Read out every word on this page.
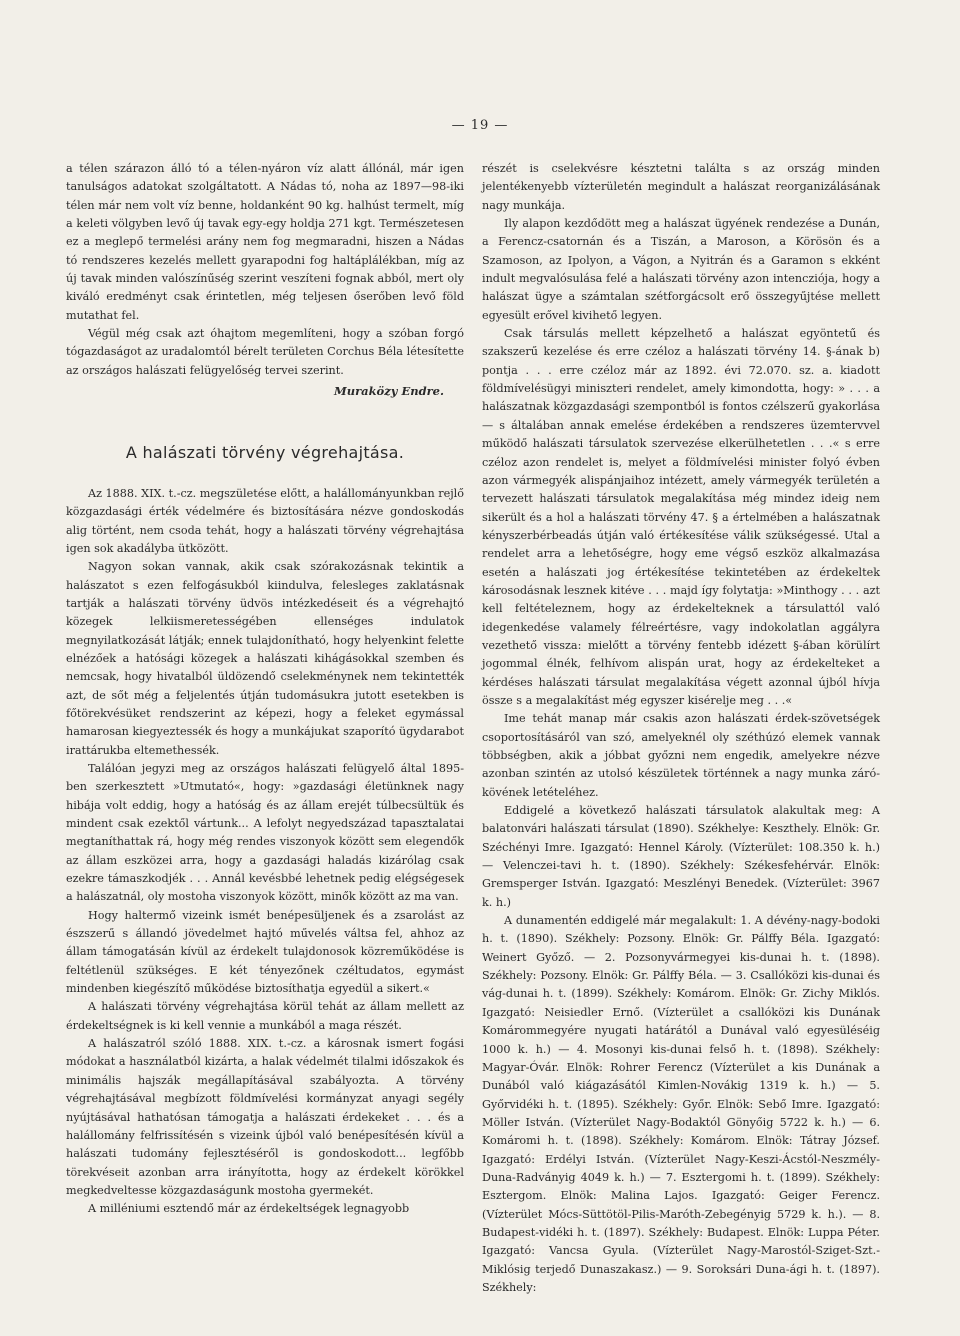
— 19 —

a télen szárazon álló tó a télen-nyáron víz alatt állónál, már igen tanulságos adatokat szolgáltatott. A Nádas tó, noha az 1897—98-iki télen már nem volt víz benne, holdanként 90 kg. halhúst termelt, míg a keleti völgyben levő új tavak egy-egy holdja 271 kgt. Természetesen ez a meglepő termelési arány nem fog megmaradni, hiszen a Nádas tó rendszeres kezelés mellett gyarapodni fog haltáplálékban, míg az új tavak minden valószínűség szerint veszíteni fognak abból, mert oly kiváló eredményt csak érintetlen, még teljesen őserőben levő föld mutathat fel.

Végül még csak azt óhajtom megemlíteni, hogy a szóban forgó tógazdaságot az uradalomtól bérelt területen Corchus Béla létesítette az országos halászati felügyelőség tervei szerint.

Muraközy Endre.
A halászati törvény végrehajtása.

Az 1888. XIX. t.-cz. megszületése előtt, a halállományunkban rejlő közgazdasági érték védelmére és biztosítására nézve gondoskodás alig történt, nem csoda tehát, hogy a halászati törvény végrehajtása igen sok akadályba ütközött.

Nagyon sokan vannak, akik csak szórakozásnak tekintik a halászatot s ezen felfogásukból kiindulva, felesleges zaklatásnak tartják a halászati törvény üdvös intézkedéseit és a végrehajtó közegek lelkiismeretességében ellenséges indulatok megnyilatkozását látják; ennek tulajdonítható, hogy helyenkint felette elnézőek a hatósági közegek a halászati kihágásokkal szemben és nemcsak, hogy hivatalból üldözendő cselekménynek nem tekintették azt, de sőt még a feljelentés útján tudomásukra jutott esetekben is főtörekvésüket rendszerint az képezi, hogy a feleket egymással hamarosan kiegyeztessék és hogy a munkájukat szaporító ügydarabot irattárukba eltemethessék.

Találóan jegyzi meg az országos halászati felügyelő által 1895-ben szerkesztett »Utmutató«, hogy: »gazdasági életünknek nagy hibája volt eddig, hogy a hatóság és az állam erejét túlbecsültük és mindent csak ezektől vártunk... A lefolyt negyedszázad tapasztalatai megtaníthattak rá, hogy még rendes viszonyok között sem elegendők az állam eszközei arra, hogy a gazdasági haladás kizárólag csak ezekre támaszkodjék . . . Annál kevésbbé lehetnek pedig elégségesek a halászatnál, oly mostoha viszonyok között, minők között az ma van.

Hogy haltermő vizeink ismét benépesüljenek és a zsarolást az észszerű s állandó jövedelmet hajtó művelés váltsa fel, ahhoz az állam támogatásán kívül az érdekelt tulajdonosok közreműködése is feltétlenül szükséges. E két tényezőnek czéltudatos, egymást mindenben kiegészítő működése biztosíthatja egyedül a sikert.«

A halászati törvény végrehajtása körül tehát az állam mellett az érdekeltségnek is ki kell vennie a munkából a maga részét.

A halászatról szóló 1888. XIX. t.-cz. a károsnak ismert fogási módokat a használatból kizárta, a halak védelmét tilalmi időszakok és minimális hajszák megállapításával szabályozta. A törvény végrehajtásával megbízott földmívelési kormányzat anyagi segély nyújtásával hathatósan támogatja a halászati érdekeket . . . és a halállomány felfrissítésén s vizeink újból való benépesítésén kívül a halászati tudomány fejlesztéséről is gondoskodott... legfőbb törekvéseit azonban arra irányította, hogy az érdekelt körökkel megkedveltesse közgazdaságunk mostoha gyermekét.

A milléniumi esztendő már az érdekeltségek legnagyobb

részét is cselekvésre késztetni találta s az ország minden jelentékenyebb vízterületén megindult a halászat reorganizálásának nagy munkája.

Ily alapon kezdődött meg a halászat ügyének rendezése a Dunán, a Ferencz-csatornán és a Tiszán, a Maroson, a Körösön és a Szamoson, az Ipolyon, a Vágon, a Nyitrán és a Garamon s ekként indult megvalósulása felé a halászati törvény azon intencziója, hogy a halászat ügye a számtalan szétforgácsolt erő összegyűjtése mellett egyesült erővel kivihető legyen.

Csak társulás mellett képzelhető a halászat egyöntetű és szakszerű kezelése és erre czéloz a halászati törvény 14. §-ának b) pontja . . . erre czéloz már az 1892. évi 72.070. sz. a. kiadott földmívelésügyi miniszteri rendelet, amely kimondotta, hogy: » . . . a halászatnak közgazdasági szempontból is fontos czélszerű gyakorlása — s általában annak emelése érdekében a rendszeres üzemtervvel működő halászati társulatok szervezése elkerülhetetlen . . .« s erre czéloz azon rendelet is, melyet a földmívelési minister folyó évben azon vármegyék alispánjaihoz intézett, amely vármegyék területén a tervezett halászati társulatok megalakítása még mindez ideig nem sikerült és a hol a halászati törvény 47. § a értelmében a halászatnak kényszerbérbeadás útján való értékesítése válik szükségessé. Utal a rendelet arra a lehetőségre, hogy eme végső eszköz alkalmazása esetén a halászati jog értékesítése tekintetében az érdekeltek károsodásnak lesznek kitéve . . . majd így folytatja: »Minthogy . . . azt kell feltételeznem, hogy az érdekelteknek a társulattól való idegenkedése valamely félreértésre, vagy indokolatlan aggályra vezethető vissza: mielőtt a törvény fentebb idézett §-ában körülírt jogommal élnék, felhívom alispán urat, hogy az érdekelteket a kérdéses halászati társulat megalakítása végett azonnal újból hívja össze s a megalakítást még egyszer kisérelje meg . . .«

Ime tehát manap már csakis azon halászati érdek-szövetségek csoportosításáról van szó, amelyeknél oly széthúzó elemek vannak többségben, akik a jóbbat győzni nem engedik, amelyekre nézve azonban szintén az utolsó készületek történnek a nagy munka záró-kövének letételéhez.

Eddigelé a következő halászati társulatok alakultak meg: A balatonvári halászati társulat (1890). Székhelye: Keszthely. Elnök: Gr. Széchényi Imre. Igazgató: Hennel Károly. (Vízterület: 108.350 k. h.) — Velenczei-tavi h. t. (1890). Székhely: Székesfehérvár. Elnök: Gremsperger István. Igazgató: Meszlényi Benedek. (Vízterület: 3967 k. h.)

A dunamentén eddigelé már megalakult: 1. A dévény-nagy-bodoki h. t. (1890). Székhely: Pozsony. Elnök: Gr. Pálffy Béla. Igazgató: Weinert Győző. — 2. Pozsonyvármegyei kis-dunai h. t. (1898). Székhely: Pozsony. Elnök: Gr. Pálffy Béla. — 3. Csallóközi kis-dunai és vág-dunai h. t. (1899). Székhely: Komárom. Elnök: Gr. Zichy Miklós. Igazgató: Neisiedler Ernő. (Vízterület a csallóközi kis Dunának Komárommegyére nyugati határától a Dunával való egyesüléséig 1000 k. h.) — 4. Mosonyi kis-dunai felső h. t. (1898). Székhely: Magyar-Óvár. Elnök: Rohrer Ferencz (Vízterület a kis Dunának a Dunából való kiágazásától Kimlen-Novákig 1319 k. h.) — 5. Győrvidéki h. t. (1895). Székhely: Győr. Elnök: Sebő Imre. Igazgató: Möller István. (Vízterület Nagy-Bodaktól Gönyőig 5722 k. h.) — 6. Komáromi h. t. (1898). Székhely: Komárom. Elnök: Tátray József. Igazgató: Erdélyi István. (Vízterület Nagy-Keszi-Ácstól-Neszmély-Duna-Radványig 4049 k. h.) — 7. Esztergomi h. t. (1899). Székhely: Esztergom. Elnök: Malina Lajos. Igazgató: Geiger Ferencz. (Vízterület Mócs-Süttötöl-Pilis-Maróth-Zebegényig 5729 k. h.). — 8. Budapest-vidéki h. t. (1897). Székhely: Budapest. Elnök: Luppa Péter. Igazgató: Vancsa Gyula. (Vízterület Nagy-Marostól-Sziget-Szt.-Miklósig terjedő Dunaszakasz.) — 9. Soroksári Duna-ági h. t. (1897). Székhely:
